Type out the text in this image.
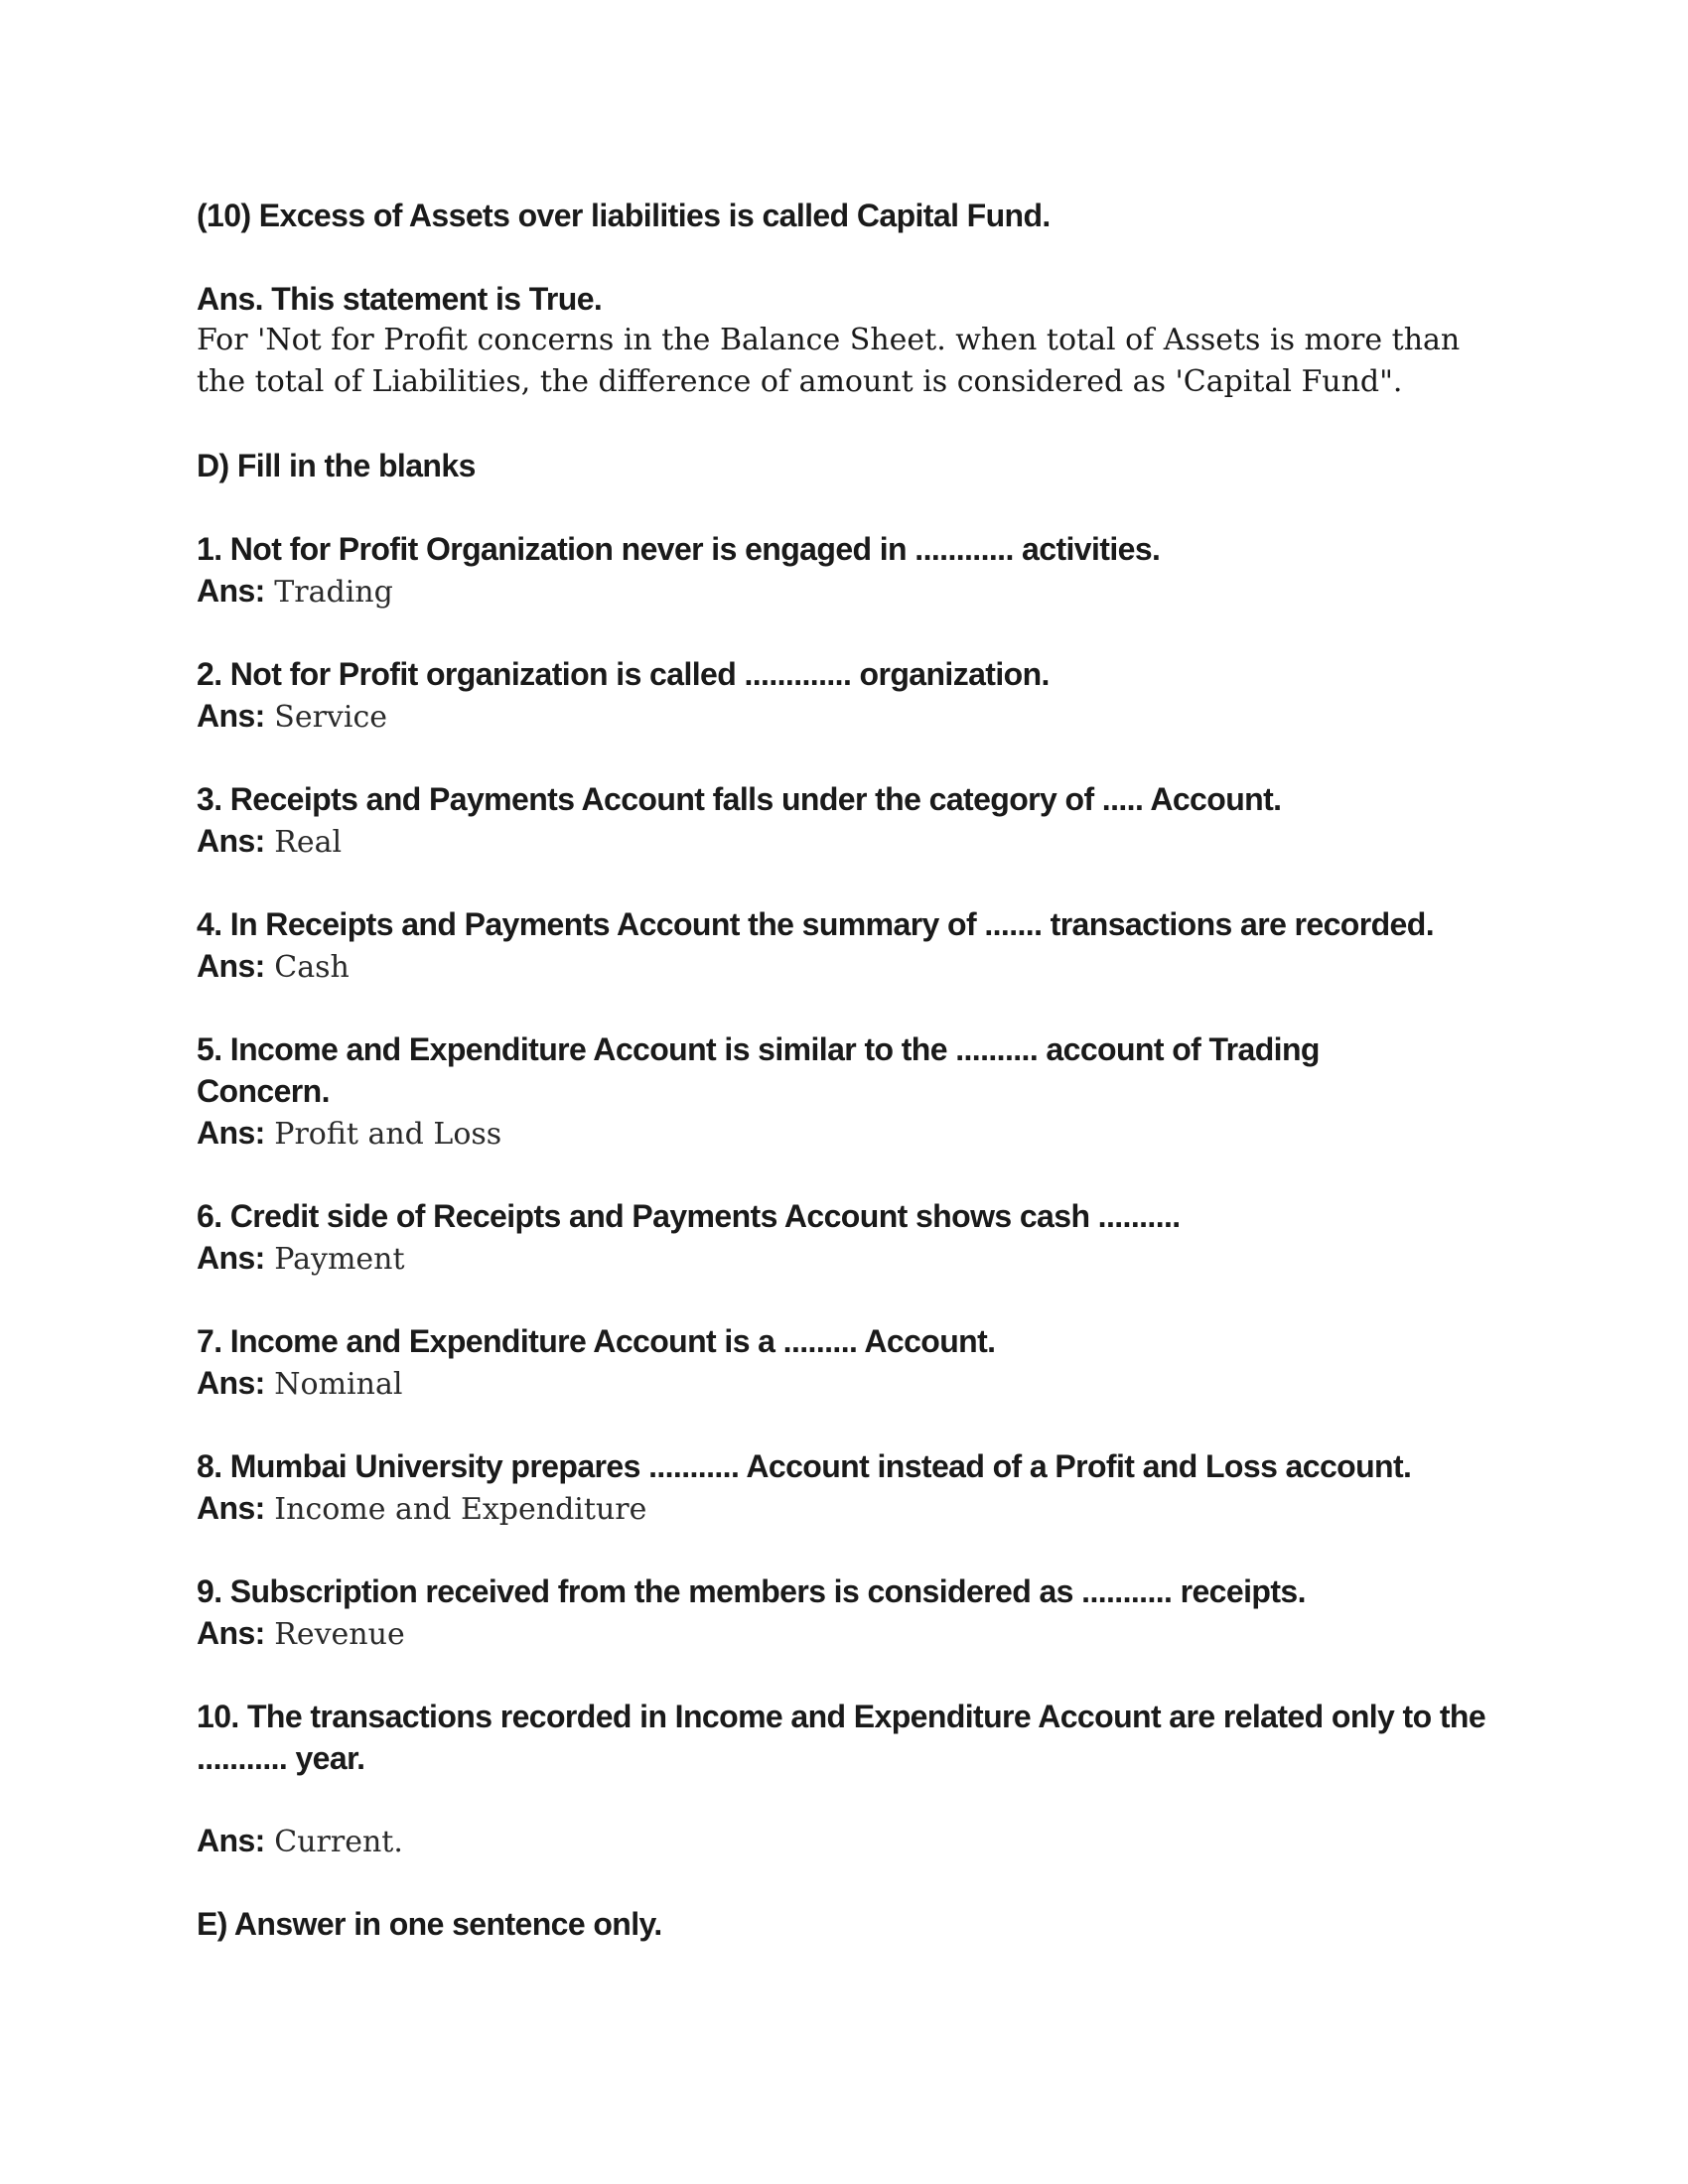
(10) Excess of Assets over liabilities is called Capital Fund.

Ans. This statement is True.

For 'Not for Profit concerns in the Balance Sheet. when total of Assets is more than the total of Liabilities, the difference of amount is considered as 'Capital Fund".

D) Fill in the blanks

1. Not for Profit Organization never is engaged in ............ activities.

Ans: Trading

2. Not for Profit organization is called ............. organization.

Ans: Service

3. Receipts and Payments Account falls under the category of ..... Account.

Ans: Real

4. In Receipts and Payments Account the summary of ....... transactions are recorded.

Ans: Cash

5. Income and Expenditure Account is similar to the .......... account of Trading Concern.

Ans: Profit and Loss

6. Credit side of Receipts and Payments Account shows cash ..........

Ans: Payment

7. Income and Expenditure Account is a ......... Account.

Ans: Nominal

8. Mumbai University prepares ........... Account instead of a Profit and Loss account.

Ans: Income and Expenditure

9. Subscription received from the members is considered as ........... receipts.

Ans: Revenue

10. The transactions recorded in Income and Expenditure Account are related only to the ........... year.

Ans: Current.

E) Answer in one sentence only.
